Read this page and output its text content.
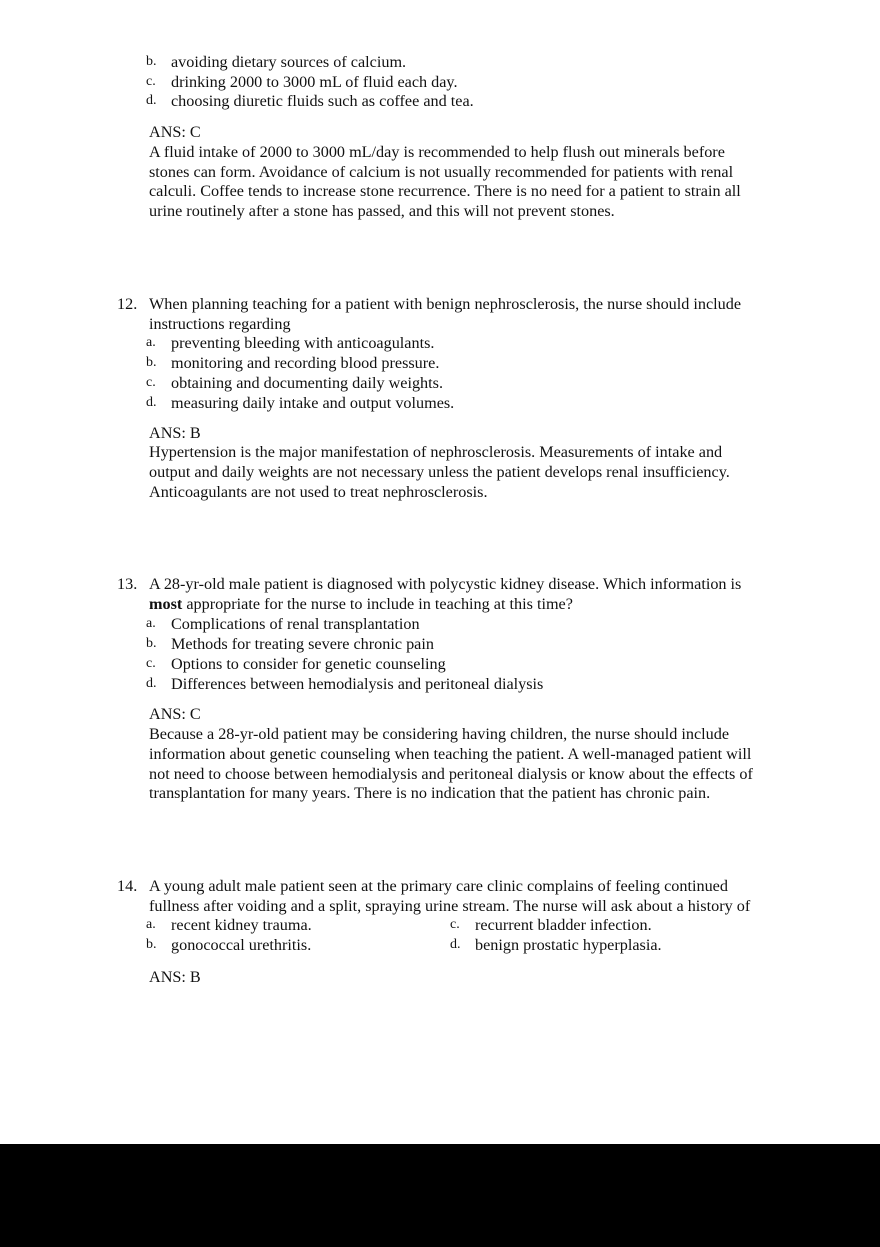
b. avoiding dietary sources of calcium.
c. drinking 2000 to 3000 mL of fluid each day.
d. choosing diuretic fluids such as coffee and tea.
ANS: C
A fluid intake of 2000 to 3000 mL/day is recommended to help flush out minerals before
stones can form. Avoidance of calcium is not usually recommended for patients with renal
calculi. Coffee tends to increase stone recurrence. There is no need for a patient to strain all
urine routinely after a stone has passed, and this will not prevent stones.
12. When planning teaching for a patient with benign nephrosclerosis, the nurse should include
instructions regarding
a. preventing bleeding with anticoagulants.
b. monitoring and recording blood pressure.
c. obtaining and documenting daily weights.
d. measuring daily intake and output volumes.
ANS: B
Hypertension is the major manifestation of nephrosclerosis. Measurements of intake and
output and daily weights are not necessary unless the patient develops renal insufficiency.
Anticoagulants are not used to treat nephrosclerosis.
13. A 28-yr-old male patient is diagnosed with polycystic kidney disease. Which information is
most appropriate for the nurse to include in teaching at this time?
a. Complications of renal transplantation
b. Methods for treating severe chronic pain
c. Options to consider for genetic counseling
d. Differences between hemodialysis and peritoneal dialysis
ANS: C
Because a 28-yr-old patient may be considering having children, the nurse should include
information about genetic counseling when teaching the patient. A well-managed patient will
not need to choose between hemodialysis and peritoneal dialysis or know about the effects of
transplantation for many years. There is no indication that the patient has chronic pain.
14. A young adult male patient seen at the primary care clinic complains of feeling continued
fullness after voiding and a split, spraying urine stream. The nurse will ask about a history of
a. recent kidney trauma.
b. gonococcal urethritis.
c. recurrent bladder infection.
d. benign prostatic hyperplasia.
ANS: B
